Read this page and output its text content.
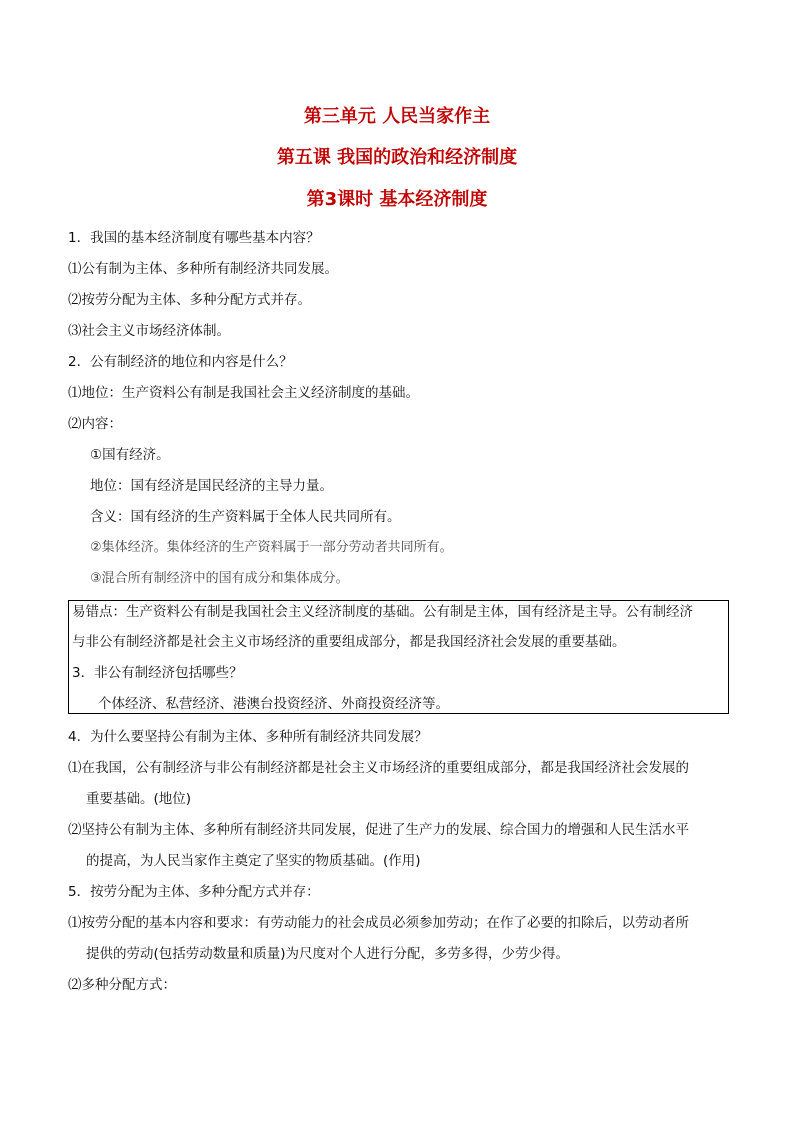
第三单元 人民当家作主
第五课 我国的政治和经济制度
第3课时 基本经济制度
1．我国的基本经济制度有哪些基本内容？
⑴公有制为主体、多种所有制经济共同发展。
⑵按劳分配为主体、多种分配方式并存。
⑶社会主义市场经济体制。
2．公有制经济的地位和内容是什么？
⑴地位：生产资料公有制是我国社会主义经济制度的基础。
⑵内容：
①国有经济。
地位：国有经济是国民经济的主导力量。
含义：国有经济的生产资料属于全体人民共同所有。
②集体经济。集体经济的生产资料属于一部分劳动者共同所有。
③混合所有制经济中的国有成分和集体成分。
易错点：生产资料公有制是我国社会主义经济制度的基础。公有制是主体，国有经济是主导。公有制经济
与非公有制经济都是社会主义市场经济的重要组成部分，都是我国经济社会发展的重要基础。
3．非公有制经济包括哪些？
个体经济、私营经济、港澳台投资经济、外商投资经济等。
4．为什么要坚持公有制为主体、多种所有制经济共同发展？
⑴在我国，公有制经济与非公有制经济都是社会主义市场经济的重要组成部分，都是我国经济社会发展的
重要基础。(地位)
⑵坚持公有制为主体、多种所有制经济共同发展，促进了生产力的发展、综合国力的增强和人民生活水平
的提高，为人民当家作主奠定了坚实的物质基础。(作用)
5．按劳分配为主体、多种分配方式并存：
⑴按劳分配的基本内容和要求：有劳动能力的社会成员必须参加劳动；在作了必要的扣除后，以劳动者所
提供的劳动(包括劳动数量和质量)为尺度对个人进行分配，多劳多得，少劳少得。
⑵多种分配方式：
